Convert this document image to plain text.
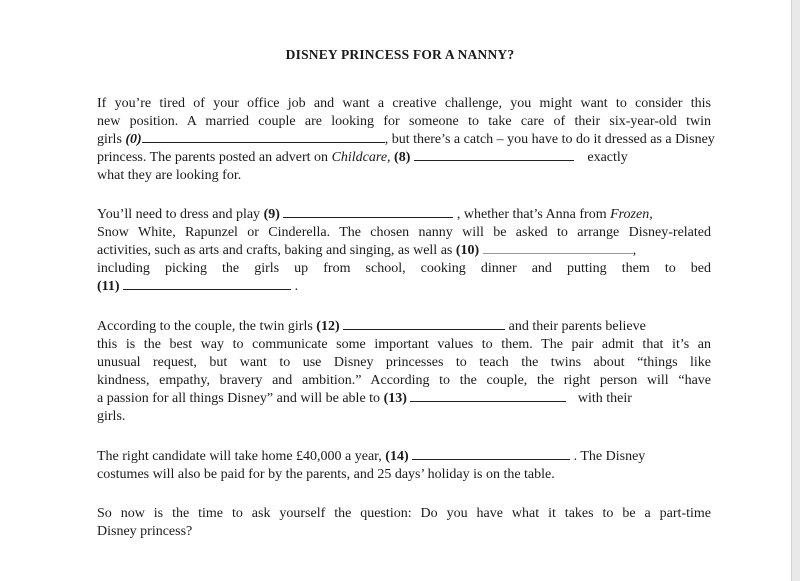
DISNEY PRINCESS FOR A NANNY?
If you’re tired of your office job and want a creative challenge, you might want to consider this
new position. A married couple are looking for someone to take care of their six-year-old twin
girls (0)	, but there’s a catch – you have to do it dressed as a Disney
princess. The parents posted an advert on Childcare, (8)	exactly
what they are looking for.
You’ll need to dress and play (9)	, whether that’s Anna from Frozen,
Snow White, Rapunzel or Cinderella. The chosen nanny will be asked to arrange Disney-related
activities, such as arts and crafts, baking and singing, as well as (10)	,
including picking the girls up from school, cooking dinner and putting them to bed
(11)	.
According to the couple, the twin girls (12)	and their parents believe
this is the best way to communicate some important values to them. The pair admit that it’s an
unusual request, but want to use Disney princesses to teach the twins about “things like
kindness, empathy, bravery and ambition.” According to the couple, the right person will “have
a passion for all things Disney” and will be able to (13)	with their
girls.
The right candidate will take home £40,000 a year, (14)	. The Disney
costumes will also be paid for by the parents, and 25 days’ holiday is on the table.
So now is the time to ask yourself the question: Do you have what it takes to be a part-time
Disney princess?
